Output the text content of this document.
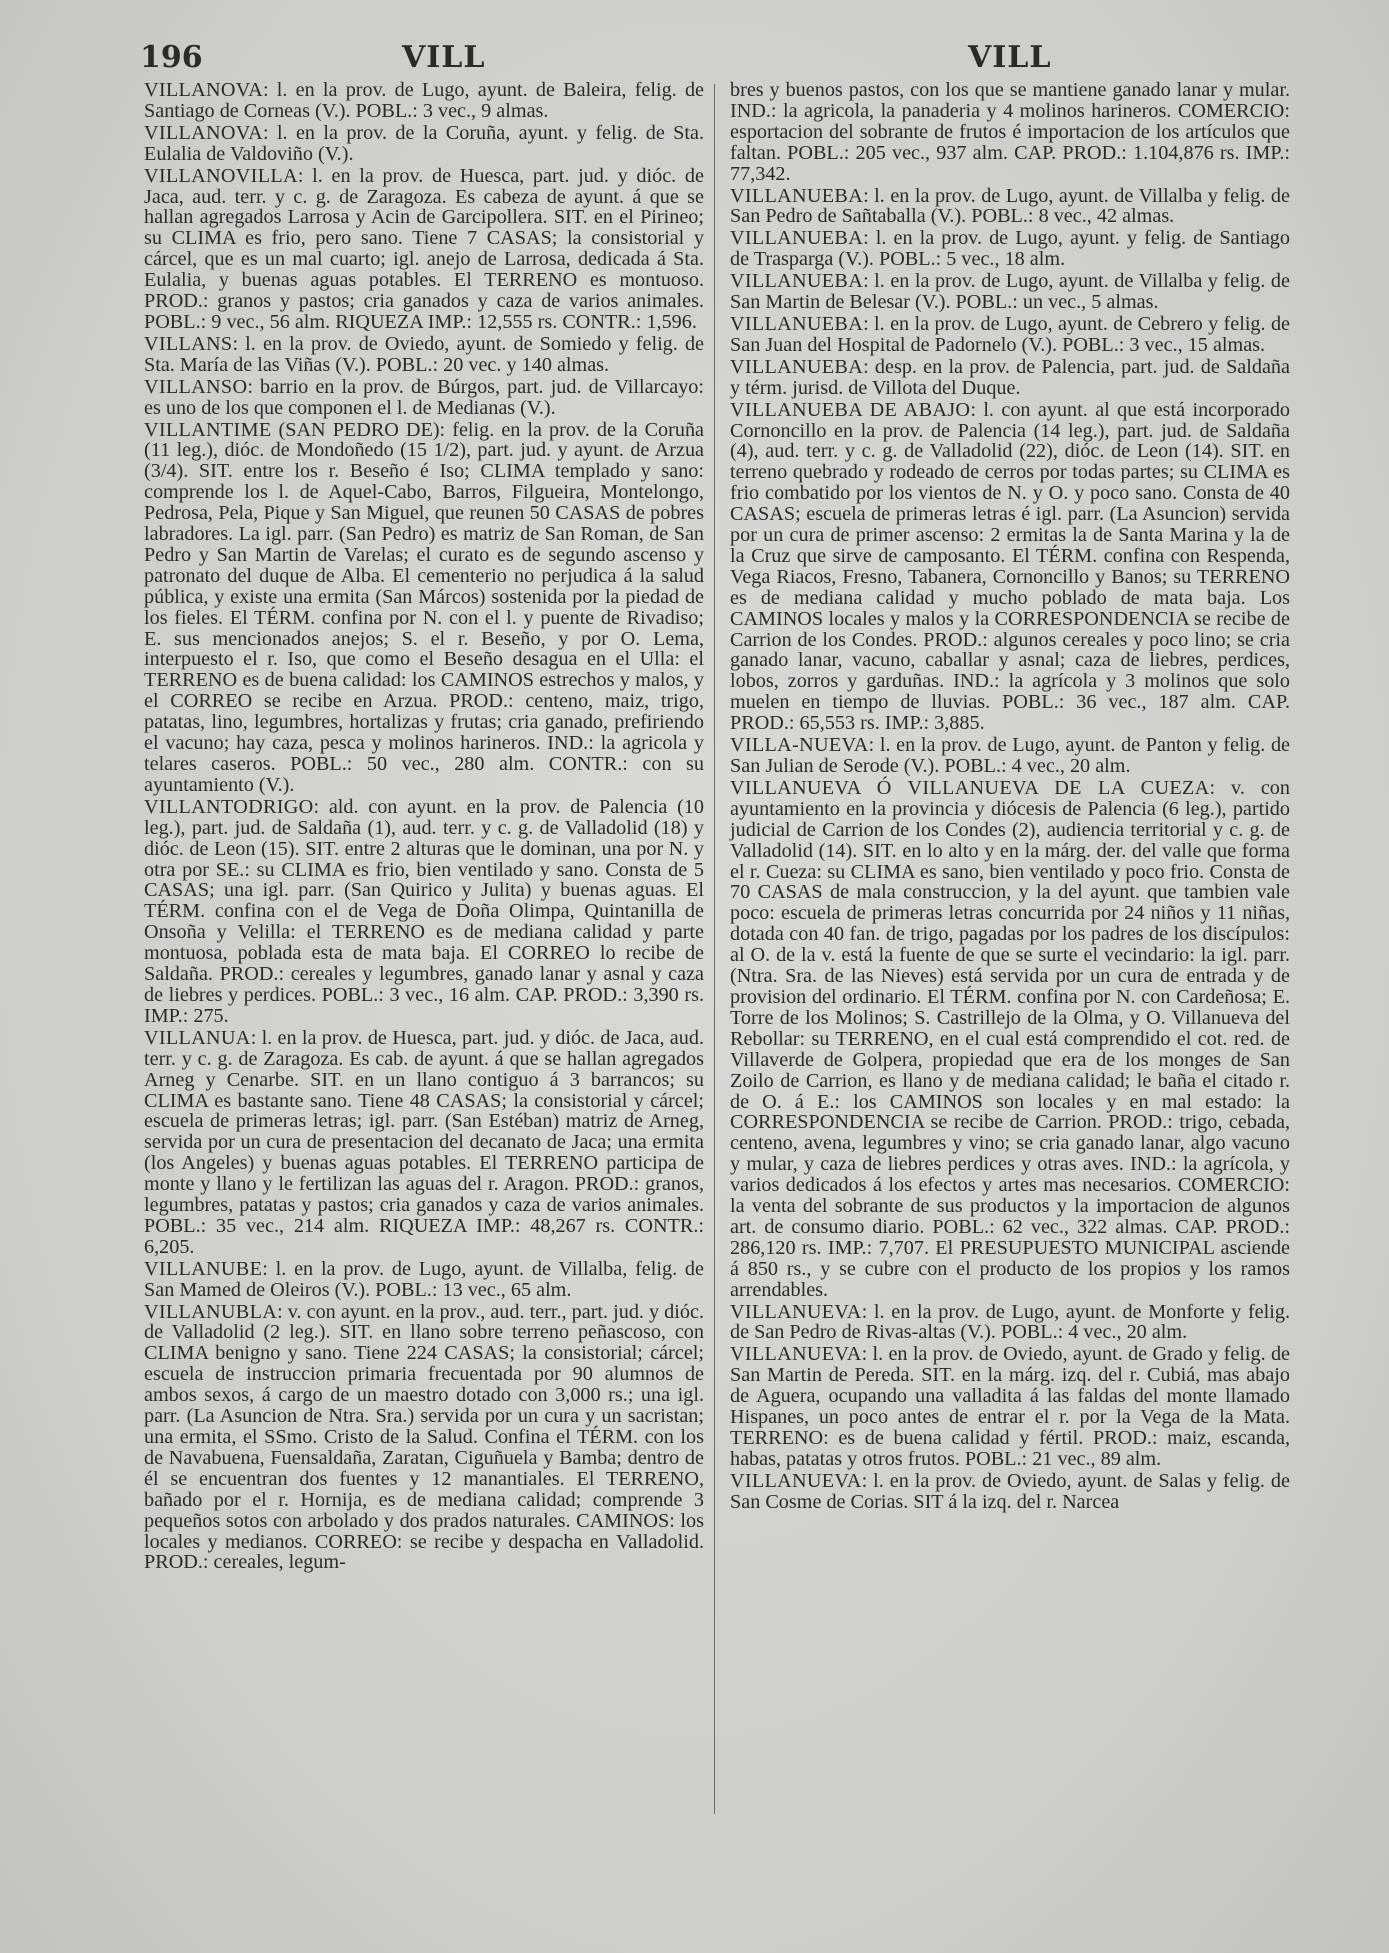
196	VILL	VILL

VILLANOVA: l. en la prov. de Lugo, ayunt. de Baleira, felig. de Santiago de Corneas (V.). POBL.: 3 vec., 9 almas.

VILLANOVA: l. en la prov. de la Coruña, ayunt. y felig. de Sta. Eulalia de Valdoviño (V.).

VILLANOVILLA: l. en la prov. de Huesca, part. jud. y dióc. de Jaca, aud. terr. y c. g. de Zaragoza. Es cabeza de ayunt. á que se hallan agregados Larrosa y Acin de Garcipollera. SIT. en el Pirineo; su CLIMA es frio, pero sano. Tiene 7 CASAS; la consistorial y cárcel, que es un mal cuarto; igl. anejo de Larrosa, dedicada á Sta. Eulalia, y buenas aguas potables. El TERRENO es montuoso. PROD.: granos y pastos; cria ganados y caza de varios animales. POBL.: 9 vec., 56 alm. RIQUEZA IMP.: 12,555 rs. CONTR.: 1,596.

VILLANS: l. en la prov. de Oviedo, ayunt. de Somiedo y felig. de Sta. María de las Viñas (V.). POBL.: 20 vec. y 140 almas.

VILLANSO: barrio en la prov. de Búrgos, part. jud. de Villarcayo: es uno de los que componen el l. de Medianas (V.).

VILLANTIME (SAN PEDRO DE): felig. en la prov. de la Coruña (11 leg.), dióc. de Mondoñedo (15 1/2), part. jud. y ayunt. de Arzua (3/4). SIT. entre los r. Beseño é Iso; CLIMA templado y sano: comprende los l. de Aquel-Cabo, Barros, Filgueira, Montelongo, Pedrosa, Pela, Pique y San Miguel, que reunen 50 CASAS de pobres labradores. La igl. parr. (San Pedro) es matriz de San Roman, de San Pedro y San Martin de Varelas; el curato es de segundo ascenso y patronato del duque de Alba. El cementerio no perjudica á la salud pública, y existe una ermita (San Márcos) sostenida por la piedad de los fieles. El TÉRM. confina por N. con el l. y puente de Rivadiso; E. sus mencionados anejos; S. el r. Beseño, y por O. Lema, interpuesto el r. Iso, que como el Beseño desagua en el Ulla: el TERRENO es de buena calidad: los CAMINOS estrechos y malos, y el CORREO se recibe en Arzua. PROD.: centeno, maiz, trigo, patatas, lino, legumbres, hortalizas y frutas; cria ganado, prefiriendo el vacuno; hay caza, pesca y molinos harineros. IND.: la agricola y telares caseros. POBL.: 50 vec., 280 alm. CONTR.: con su ayuntamiento (V.).

VILLANTODRIGO: ald. con ayunt. en la prov. de Palencia (10 leg.), part. jud. de Saldaña (1), aud. terr. y c. g. de Valladolid (18) y dióc. de Leon (15). SIT. entre 2 alturas que le dominan, una por N. y otra por SE.: su CLIMA es frio, bien ventilado y sano. Consta de 5 CASAS; una igl. parr. (San Quirico y Julita) y buenas aguas. El TÉRM. confina con el de Vega de Doña Olimpa, Quintanilla de Onsoña y Velilla: el TERRENO es de mediana calidad y parte montuosa, poblada esta de mata baja. El CORREO lo recibe de Saldaña. PROD.: cereales y legumbres, ganado lanar y asnal y caza de liebres y perdices. POBL.: 3 vec., 16 alm. CAP. PROD.: 3,390 rs. IMP.: 275.

VILLANUA: l. en la prov. de Huesca, part. jud. y dióc. de Jaca, aud. terr. y c. g. de Zaragoza. Es cab. de ayunt. á que se hallan agregados Arneg y Cenarbe. SIT. en un llano contiguo á 3 barrancos; su CLIMA es bastante sano. Tiene 48 CASAS; la consistorial y cárcel; escuela de primeras letras; igl. parr. (San Estéban) matriz de Arneg, servida por un cura de presentacion del decanato de Jaca; una ermita (los Angeles) y buenas aguas potables. El TERRENO participa de monte y llano y le fertilizan las aguas del r. Aragon. PROD.: granos, legumbres, patatas y pastos; cria ganados y caza de varios animales. POBL.: 35 vec., 214 alm. RIQUEZA IMP.: 48,267 rs. CONTR.: 6,205.

VILLANUBE: l. en la prov. de Lugo, ayunt. de Villalba, felig. de San Mamed de Oleiros (V.). POBL.: 13 vec., 65 alm.

VILLANUBLA: v. con ayunt. en la prov., aud. terr., part. jud. y dióc. de Valladolid (2 leg.). SIT. en llano sobre terreno peñascoso, con CLIMA benigno y sano. Tiene 224 CASAS; la consistorial; cárcel; escuela de instruccion primaria frecuentada por 90 alumnos de ambos sexos, á cargo de un maestro dotado con 3,000 rs.; una igl. parr. (La Asuncion de Ntra. Sra.) servida por un cura y un sacristan; una ermita, el SSmo. Cristo de la Salud. Confina el TÉRM. con los de Navabuena, Fuensaldaña, Zaratan, Ciguñuela y Bamba; dentro de él se encuentran dos fuentes y 12 manantiales. El TERRENO, bañado por el r. Hornija, es de mediana calidad; comprende 3 pequeños sotos con arbolado y dos prados naturales. CAMINOS: los locales y medianos. CORREO: se recibe y despacha en Valladolid. PROD.: cereales, legum-

bres y buenos pastos, con los que se mantiene ganado lanar y mular. IND.: la agricola, la panaderia y 4 molinos harineros. COMERCIO: esportacion del sobrante de frutos é importacion de los artículos que faltan. POBL.: 205 vec., 937 alm. CAP. PROD.: 1.104,876 rs. IMP.: 77,342.

VILLANUEBA: l. en la prov. de Lugo, ayunt. de Villalba y felig. de San Pedro de Sañtaballa (V.). POBL.: 8 vec., 42 almas.

VILLANUEBA: l. en la prov. de Lugo, ayunt. y felig. de Santiago de Trasparga (V.). POBL.: 5 vec., 18 alm.

VILLANUEBA: l. en la prov. de Lugo, ayunt. de Villalba y felig. de San Martin de Belesar (V.). POBL.: un vec., 5 almas.

VILLANUEBA: l. en la prov. de Lugo, ayunt. de Cebrero y felig. de San Juan del Hospital de Padornelo (V.). POBL.: 3 vec., 15 almas.

VILLANUEBA: desp. en la prov. de Palencia, part. jud. de Saldaña y térm. jurisd. de Villota del Duque.

VILLANUEBA DE ABAJO: l. con ayunt. al que está incorporado Cornoncillo en la prov. de Palencia (14 leg.), part. jud. de Saldaña (4), aud. terr. y c. g. de Valladolid (22), dióc. de Leon (14). SIT. en terreno quebrado y rodeado de cerros por todas partes; su CLIMA es frio combatido por los vientos de N. y O. y poco sano. Consta de 40 CASAS; escuela de primeras letras é igl. parr. (La Asuncion) servida por un cura de primer ascenso: 2 ermitas la de Santa Marina y la de la Cruz que sirve de camposanto. El TÉRM. confina con Respenda, Vega Riacos, Fresno, Tabanera, Cornoncillo y Banos; su TERRENO es de mediana calidad y mucho poblado de mata baja. Los CAMINOS locales y malos y la CORRESPONDENCIA se recibe de Carrion de los Condes. PROD.: algunos cereales y poco lino; se cria ganado lanar, vacuno, caballar y asnal; caza de liebres, perdices, lobos, zorros y garduñas. IND.: la agrícola y 3 molinos que solo muelen en tiempo de lluvias. POBL.: 36 vec., 187 alm. CAP. PROD.: 65,553 rs. IMP.: 3,885.

VILLA-NUEVA: l. en la prov. de Lugo, ayunt. de Panton y felig. de San Julian de Serode (V.). POBL.: 4 vec., 20 alm.

VILLANUEVA Ó VILLANUEVA DE LA CUEZA: v. con ayuntamiento en la provincia y diócesis de Palencia (6 leg.), partido judicial de Carrion de los Condes (2), audiencia territorial y c. g. de Valladolid (14). SIT. en lo alto y en la márg. der. del valle que forma el r. Cueza: su CLIMA es sano, bien ventilado y poco frio. Consta de 70 CASAS de mala construccion, y la del ayunt. que tambien vale poco: escuela de primeras letras concurrida por 24 niños y 11 niñas, dotada con 40 fan. de trigo, pagadas por los padres de los discípulos: al O. de la v. está la fuente de que se surte el vecindario: la igl. parr. (Ntra. Sra. de las Nieves) está servida por un cura de entrada y de provision del ordinario. El TÉRM. confina por N. con Cardeñosa; E. Torre de los Molinos; S. Castrillejo de la Olma, y O. Villanueva del Rebollar: su TERRENO, en el cual está comprendido el cot. red. de Villaverde de Golpera, propiedad que era de los monges de San Zoilo de Carrion, es llano y de mediana calidad; le baña el citado r. de O. á E.: los CAMINOS son locales y en mal estado: la CORRESPONDENCIA se recibe de Carrion. PROD.: trigo, cebada, centeno, avena, legumbres y vino; se cria ganado lanar, algo vacuno y mular, y caza de liebres perdices y otras aves. IND.: la agrícola, y varios dedicados á los efectos y artes mas necesarios. COMERCIO: la venta del sobrante de sus productos y la importacion de algunos art. de consumo diario. POBL.: 62 vec., 322 almas. CAP. PROD.: 286,120 rs. IMP.: 7,707. El PRESUPUESTO MUNICIPAL asciende á 850 rs., y se cubre con el producto de los propios y los ramos arrendables.

VILLANUEVA: l. en la prov. de Lugo, ayunt. de Monforte y felig. de San Pedro de Rivas-altas (V.). POBL.: 4 vec., 20 alm.

VILLANUEVA: l. en la prov. de Oviedo, ayunt. de Grado y felig. de San Martin de Pereda. SIT. en la márg. izq. del r. Cubiá, mas abajo de Aguera, ocupando una valladita á las faldas del monte llamado Hispanes, un poco antes de entrar el r. por la Vega de la Mata. TERRENO: es de buena calidad y fértil. PROD.: maiz, escanda, habas, patatas y otros frutos. POBL.: 21 vec., 89 alm.

VILLANUEVA: l. en la prov. de Oviedo, ayunt. de Salas y felig. de San Cosme de Corias. SIT á la izq. del r. Narcea
